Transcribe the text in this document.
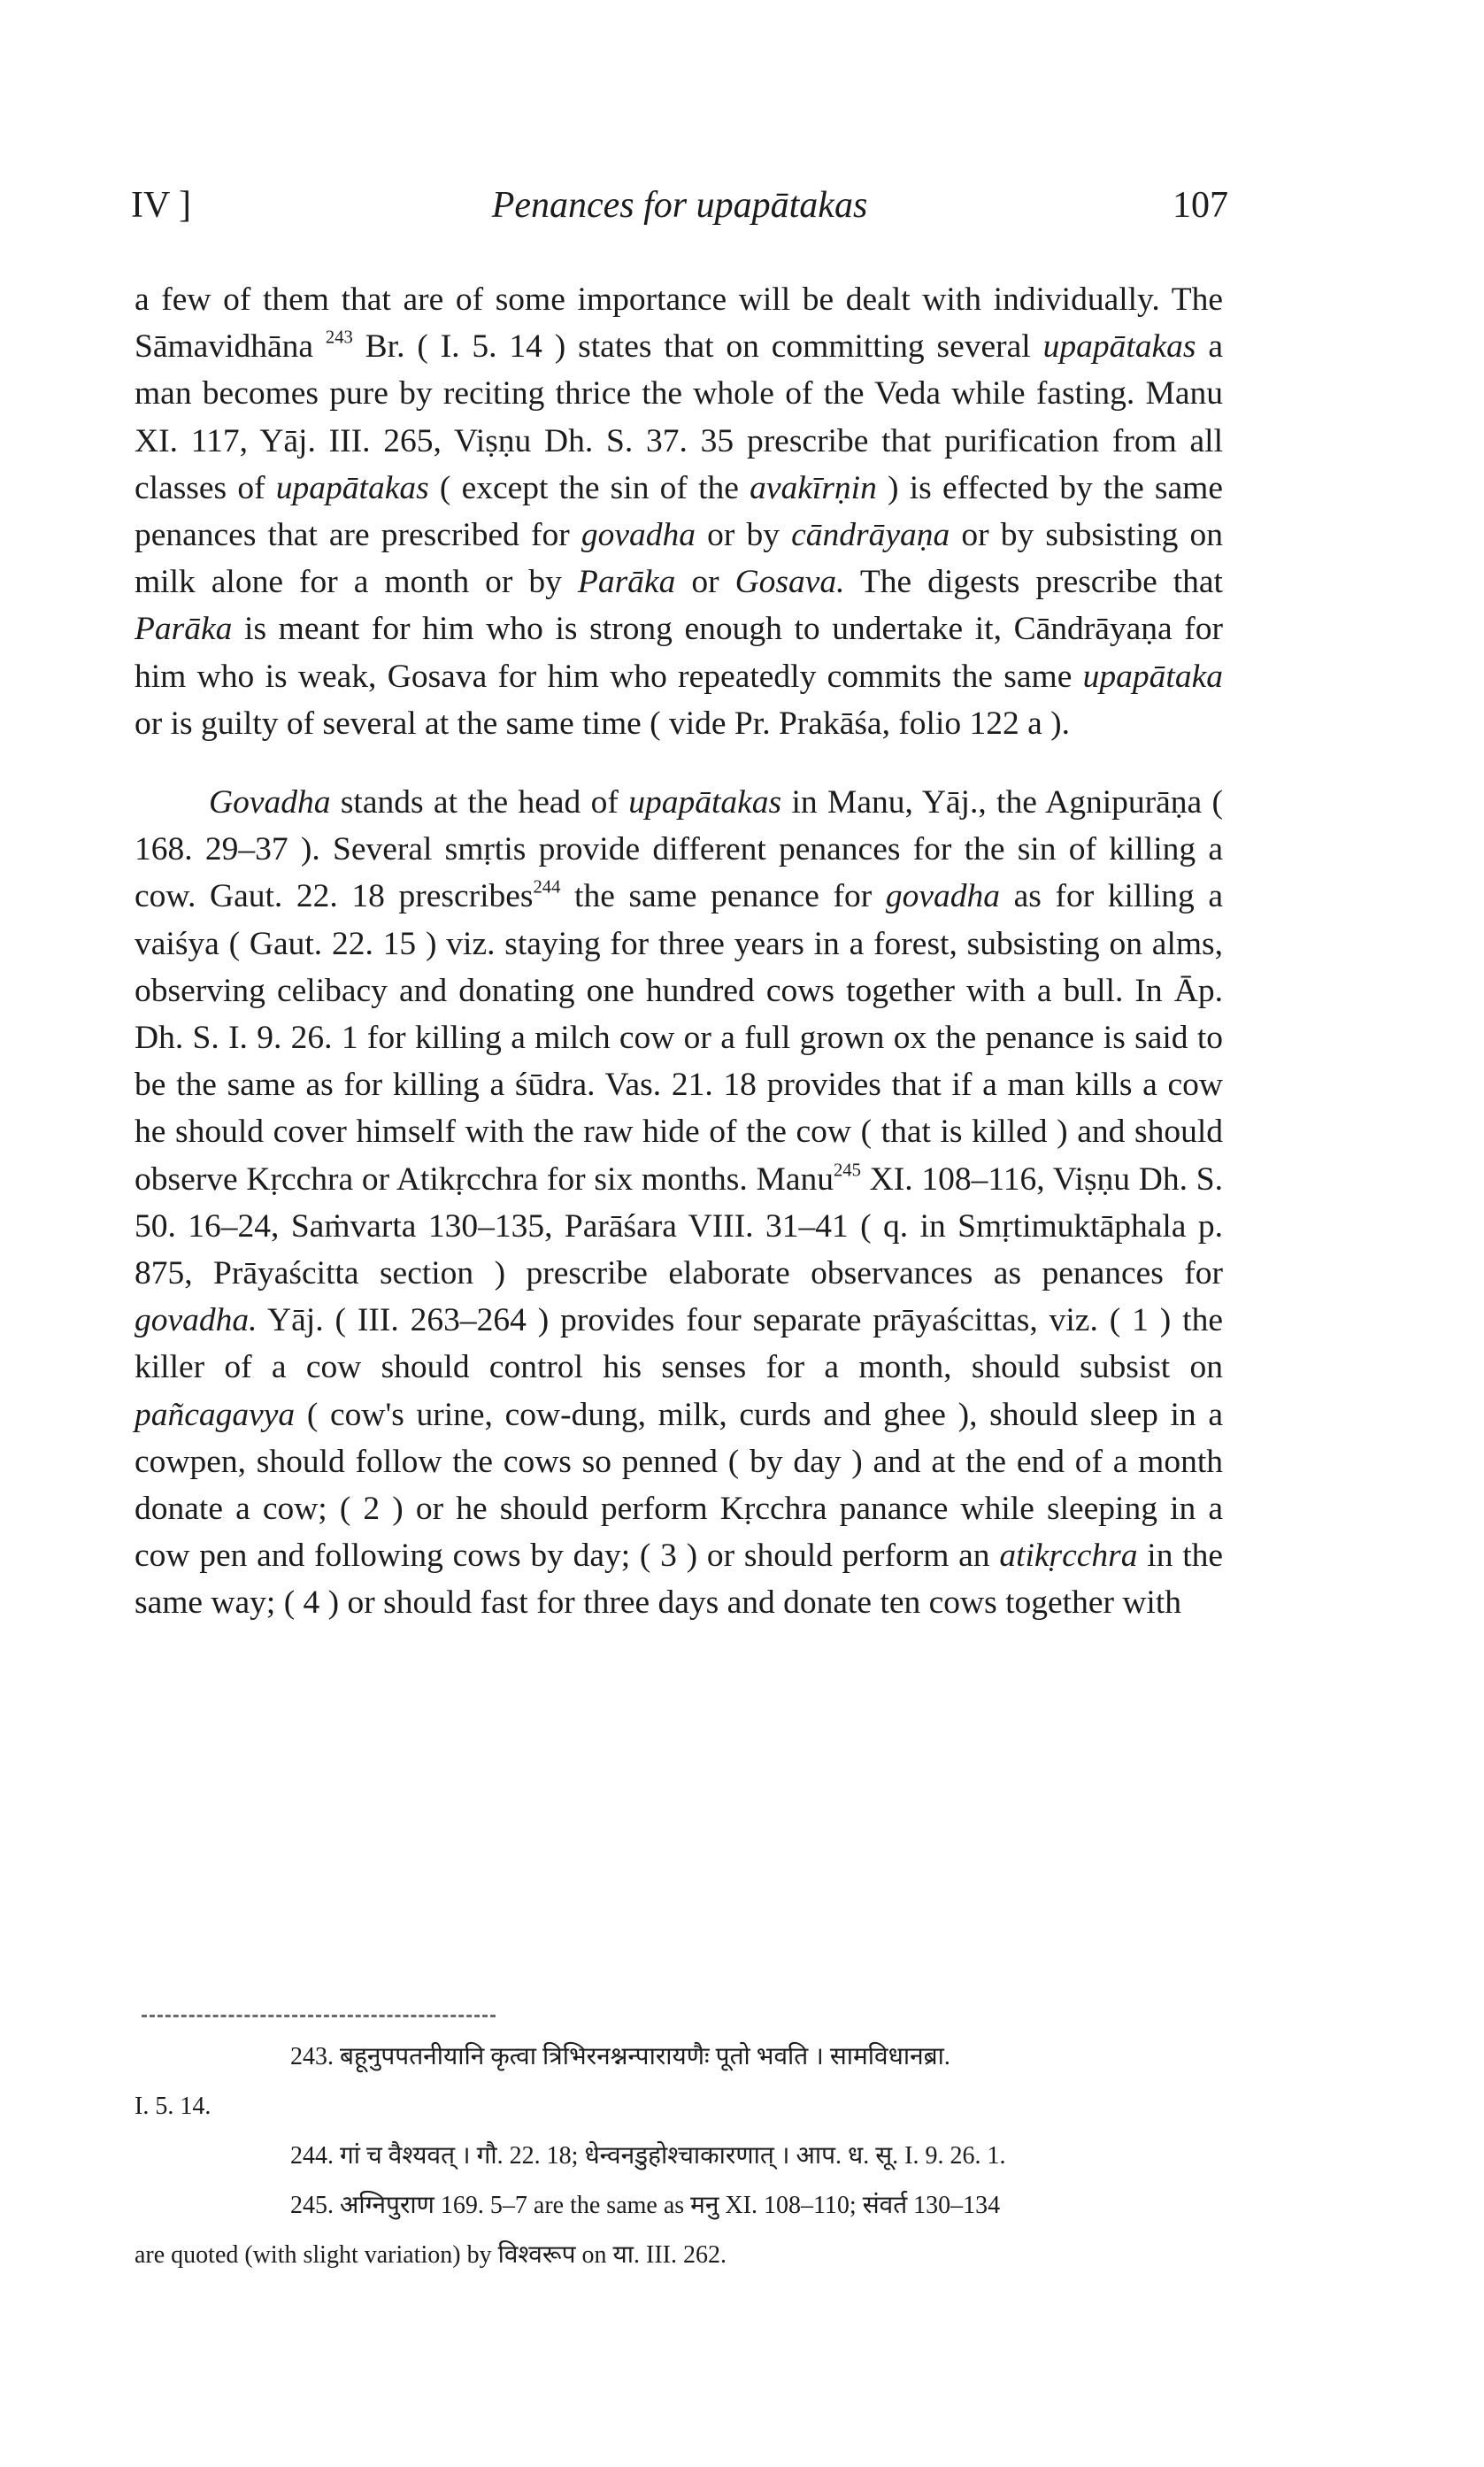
IV ]	Penances for upapātakas	107

a few of them that are of some importance will be dealt with individually. The Sāmavidhāna $^{243}$ Br. ( I. 5. 14 ) states that on committing several upapātakas a man becomes pure by reciting thrice the whole of the Veda while fasting. Manu XI. 117, Yāj. III. 265, Viṣṇu Dh. S. 37. 35 prescribe that purification from all classes of upapātakas ( except the sin of the avakīrṇin ) is effected by the same penances that are prescribed for govadha or by cāndrāyaṇa or by subsisting on milk alone for a month or by Parāka or Gosava. The digests prescribe that Parāka is meant for him who is strong enough to undertake it, Cāndrāyaṇa for him who is weak, Gosava for him who repeatedly commits the same upapātaka or is guilty of several at the same time ( vide Pr. Prakāśa, folio 122 a ).

Govadha stands at the head of upapātakas in Manu, Yāj., the Agnipurāṇa ( 168. 29–37 ). Several smṛtis provide different penances for the sin of killing a cow. Gaut. 22. 18 prescribes$^{244}$ the same penance for govadha as for killing a vaiśya ( Gaut. 22. 15 ) viz. staying for three years in a forest, subsisting on alms, observing celibacy and donating one hundred cows together with a bull. In Āp. Dh. S. I. 9. 26. 1 for killing a milch cow or a full grown ox the penance is said to be the same as for killing a śūdra. Vas. 21. 18 provides that if a man kills a cow he should cover himself with the raw hide of the cow ( that is killed ) and should observe Kṛcchra or Atikṛcchra for six months. Manu$^{245}$ XI. 108–116, Viṣṇu Dh. S. 50. 16–24, Saṁvarta 130–135, Parāśara VIII. 31–41 ( q. in Smṛtimuktāphala p. 875, Prāyaścitta section ) prescribe elaborate observances as penances for govadha. Yāj. ( III. 263–264 ) provides four separate prāyaścittas, viz. ( 1 ) the killer of a cow should control his senses for a month, should subsist on pañcagavya ( cow's urine, cow-dung, milk, curds and ghee ), should sleep in a cowpen, should follow the cows so penned ( by day ) and at the end of a month donate a cow; ( 2 ) or he should perform Kṛcchra panance while sleeping in a cow pen and following cows by day; ( 3 ) or should perform an atikṛcchra in the same way; ( 4 ) or should fast for three days and donate ten cows together with

243. बहूनुपपतनीयानि कृत्वा त्रिभिरनश्नन्पारायणैः पूतो भवति । सामविधानब्रा.

I. 5. 14.

244. गां च वैश्यवत् । गौ. 22. 18; धेन्वनडुहोश्चाकारणात् । आप. ध. सू. I. 9. 26. 1.

245. अग्निपुराण 169. 5–7 are the same as मनु XI. 108–110; संवर्त 130–134

are quoted (with slight variation) by विश्वरूप on या. III. 262.
